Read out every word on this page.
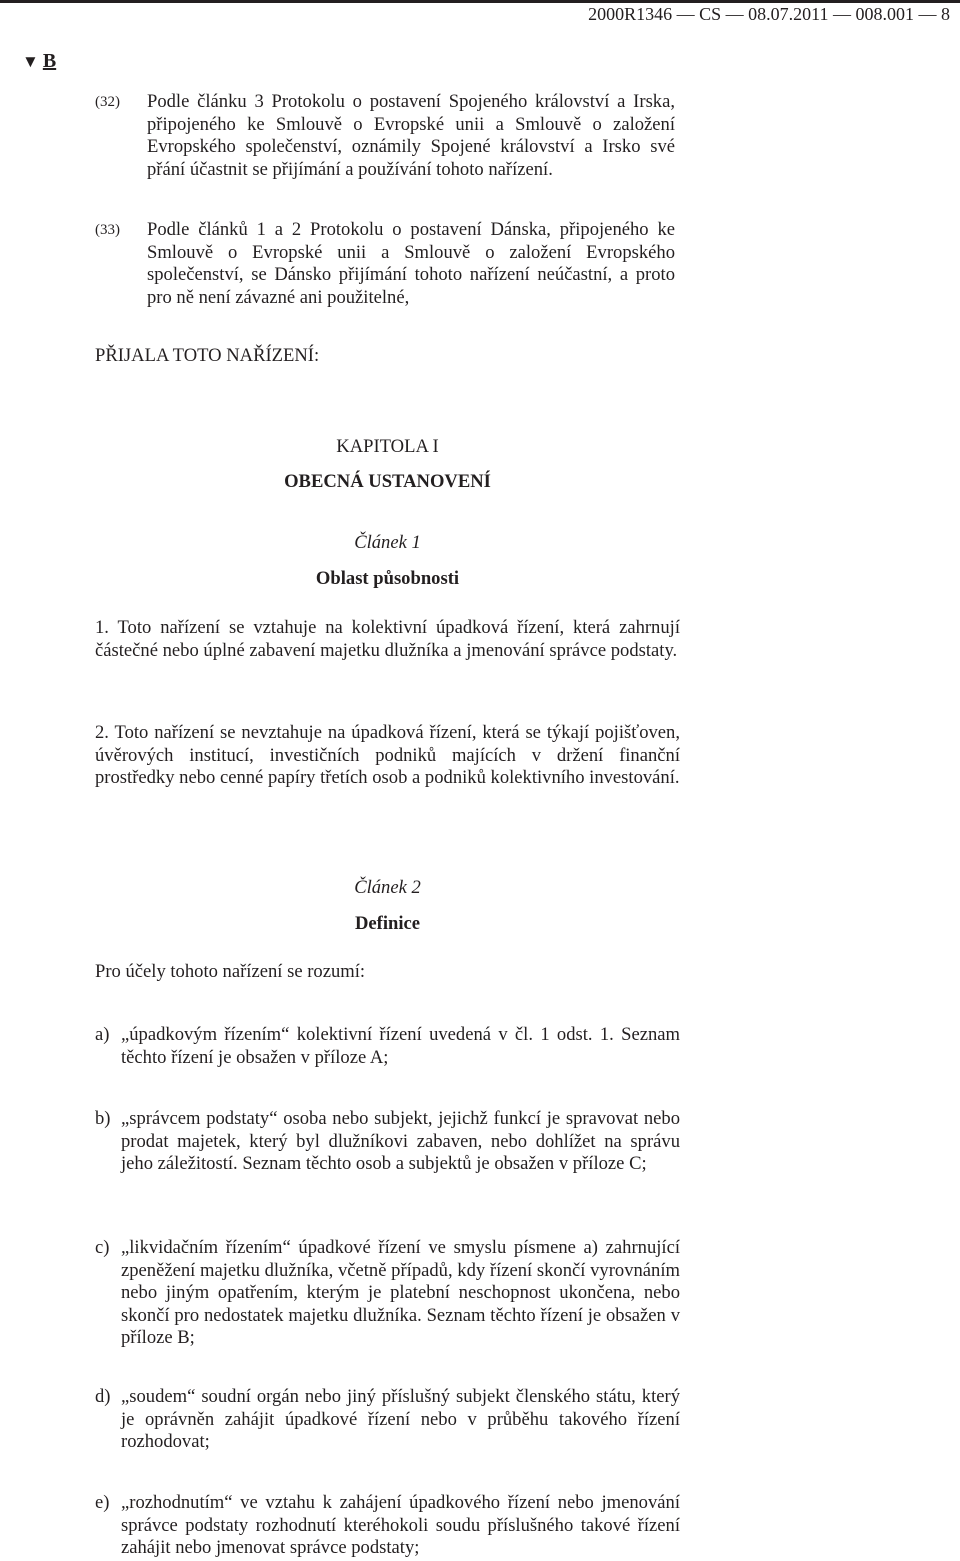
2000R1346 — CS — 08.07.2011 — 008.001 — 8
▼ B
(32) Podle článku 3 Protokolu o postavení Spojeného království a Irska, připojeného ke Smlouvě o Evropské unii a Smlouvě o založení Evropského společenství, oznámily Spojené království a Irsko své přání účastnit se přijímání a používání tohoto nařízení.
(33) Podle článků 1 a 2 Protokolu o postavení Dánska, připojeného ke Smlouvě o Evropské unii a Smlouvě o založení Evropského společenství, se Dánsko přijímání tohoto nařízení neúčastní, a proto pro ně není závazné ani použitelné,
PŘIJALA TOTO NAŘÍZENÍ:
KAPITOLA I
OBECNÁ USTANOVENÍ
Článek 1
Oblast působnosti
1. Toto nařízení se vztahuje na kolektivní úpadková řízení, která zahrnují částečné nebo úplné zabavení majetku dlužníka a jmenování správce podstaty.
2. Toto nařízení se nevztahuje na úpadková řízení, která se týkají pojišťoven, úvěrových institucí, investičních podniků majících v držení finanční prostředky nebo cenné papíry třetích osob a podniků kolektivního investování.
Článek 2
Definice
Pro účely tohoto nařízení se rozumí:
a) „úpadkovým řízením“ kolektivní řízení uvedená v čl. 1 odst. 1. Seznam těchto řízení je obsažen v příloze A;
b) „správcem podstaty“ osoba nebo subjekt, jejichž funkcí je spravovat nebo prodat majetek, který byl dlužníkovi zabaven, nebo dohlížet na správu jeho záležitostí. Seznam těchto osob a subjektů je obsažen v příloze C;
c) „likvidačním řízením“ úpadkové řízení ve smyslu písmene a) zahrnující zpeněžení majetku dlužníka, včetně případů, kdy řízení skončí vyrovnáním nebo jiným opatřením, kterým je platební neschopnost ukončena, nebo skončí pro nedostatek majetku dlužníka. Seznam těchto řízení je obsažen v příloze B;
d) „soudem“ soudní orgán nebo jiný příslušný subjekt členského státu, který je oprávněn zahájit úpadkové řízení nebo v průběhu takového řízení rozhodovat;
e) „rozhodnutím“ ve vztahu k zahájení úpadkového řízení nebo jmenování správce podstaty rozhodnutí kteréhokoli soudu příslušného takové řízení zahájit nebo jmenovat správce podstaty;
